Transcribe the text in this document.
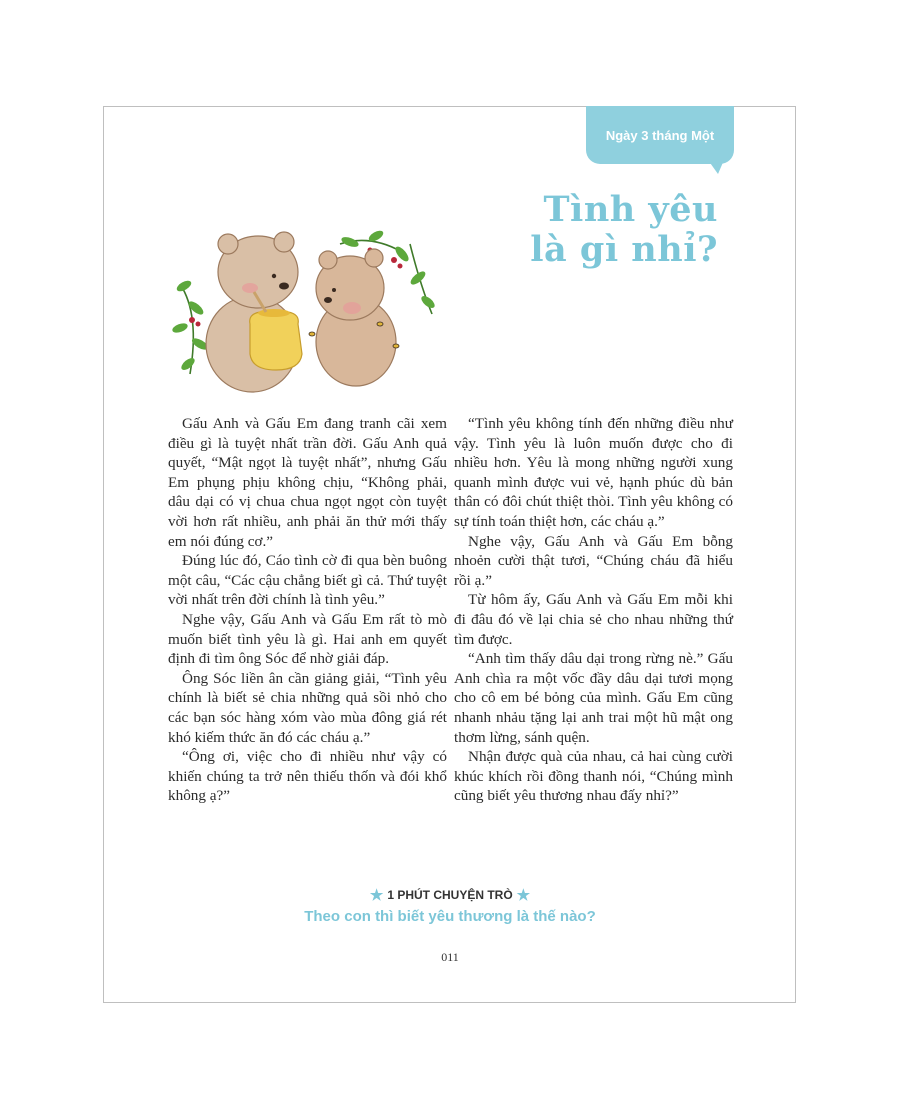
Ngày 3 tháng Một
Tình yêu
là gì nhỉ?

Gấu Anh và Gấu Em đang tranh cãi xem điều gì là tuyệt nhất trần đời. Gấu Anh quả quyết, “Mật ngọt là tuyệt nhất”, nhưng Gấu Em phụng phịu không chịu, “Không phải, dâu dại có vị chua chua ngọt ngọt còn tuyệt vời hơn rất nhiều, anh phải ăn thử mới thấy em nói đúng cơ.”

Đúng lúc đó, Cáo tình cờ đi qua bèn buông một câu, “Các cậu chẳng biết gì cả. Thứ tuyệt vời nhất trên đời chính là tình yêu.”

Nghe vậy, Gấu Anh và Gấu Em rất tò mò muốn biết tình yêu là gì. Hai anh em quyết định đi tìm ông Sóc để nhờ giải đáp.

Ông Sóc liền ân cần giảng giải, “Tình yêu chính là biết sẻ chia những quả sồi nhỏ cho các bạn sóc hàng xóm vào mùa đông giá rét khó kiếm thức ăn đó các cháu ạ.”

“Ông ơi, việc cho đi nhiều như vậy có khiến chúng ta trở nên thiếu thốn và đói khổ không ạ?”

“Tình yêu không tính đến những điều như vậy. Tình yêu là luôn muốn được cho đi nhiều hơn. Yêu là mong những người xung quanh mình được vui vẻ, hạnh phúc dù bản thân có đôi chút thiệt thòi. Tình yêu không có sự tính toán thiệt hơn, các cháu ạ.”

Nghe vậy, Gấu Anh và Gấu Em bỗng nhoẻn cười thật tươi, “Chúng cháu đã hiểu rồi ạ.”

Từ hôm ấy, Gấu Anh và Gấu Em mỗi khi đi đâu đó về lại chia sẻ cho nhau những thứ tìm được.

“Anh tìm thấy dâu dại trong rừng nè.” Gấu Anh chìa ra một vốc đầy dâu dại tươi mọng cho cô em bé bỏng của mình. Gấu Em cũng nhanh nhảu tặng lại anh trai một hũ mật ong thơm lừng, sánh quện.

Nhận được quà của nhau, cả hai cùng cười khúc khích rồi đồng thanh nói, “Chúng mình cũng biết yêu thương nhau đấy nhỉ?”

★ 1 PHÚT CHUYỆN TRÒ ★
Theo con thì biết yêu thương là thế nào?
011
